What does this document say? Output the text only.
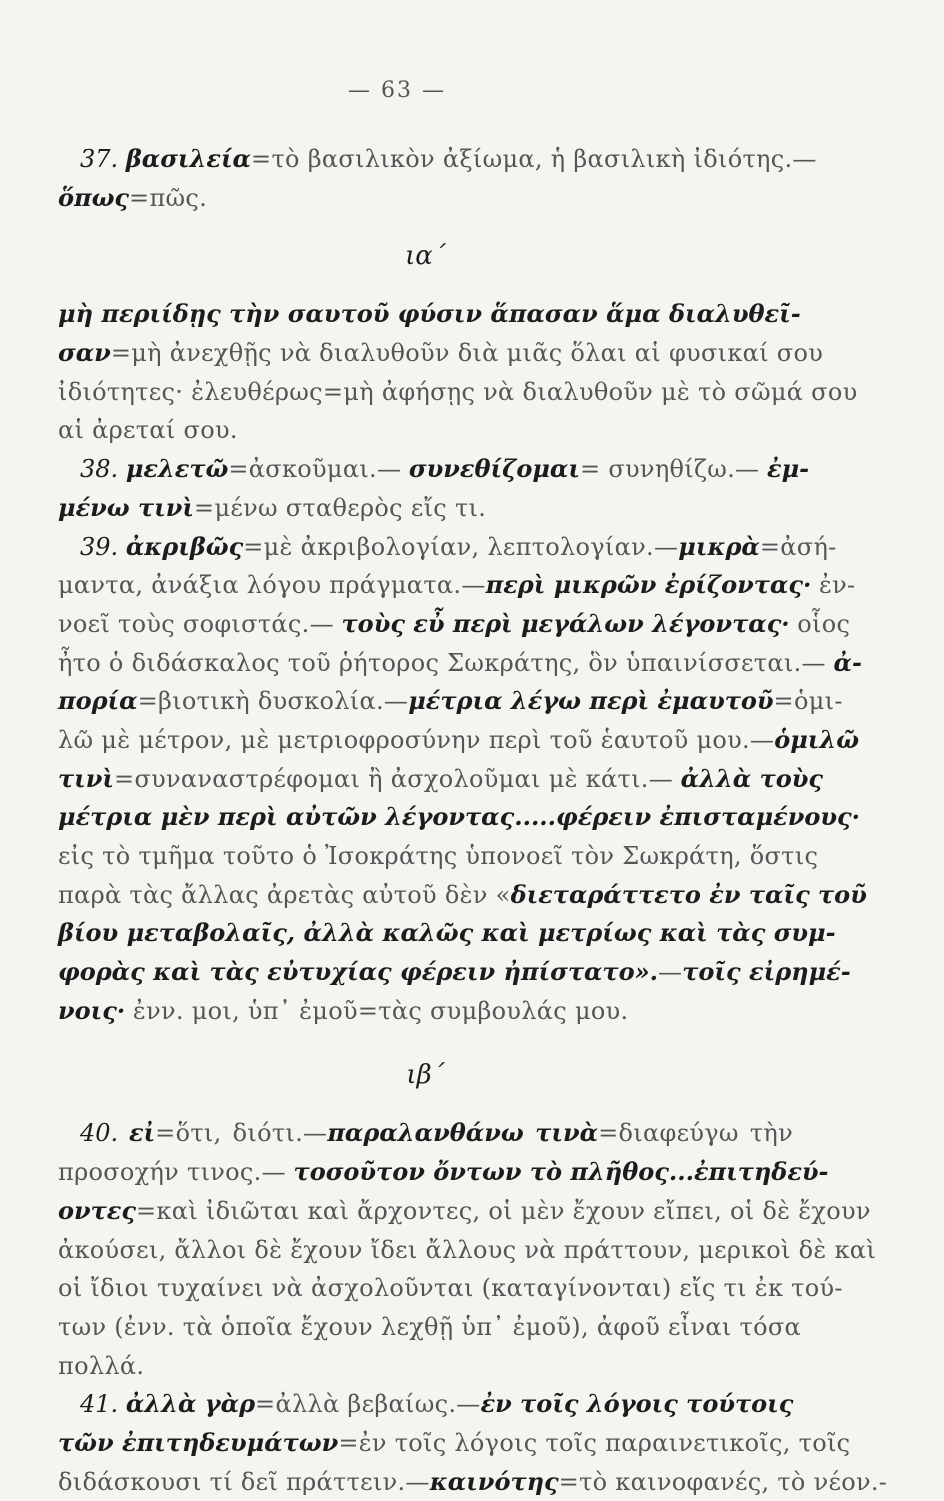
— 63 —
37. βασιλεία=τὸ βασιλικὸν ἀξίωμα, ἡ βασιλικὴ ἰδιότης.—
ὅπως=πῶς.
ια΄
μὴ περιίδῃς τὴν σαυτοῦ φύσιν ἅπασαν ἅμα διαλυθεῖ-
σαν=μὴ ἀνεχθῇς νὰ διαλυθοῦν διὰ μιᾶς ὅλαι αἱ φυσικαί σου
ἰδιότητες· ἐλευθέρως=μὴ ἀφήσῃς νὰ διαλυθοῦν μὲ τὸ σῶμά σου
αἱ ἀρεταί σου.
38. μελετῶ=ἀσκοῦμαι.— συνεθίζομαι= συνηθίζω.— ἐμ-
μένω τινὶ=μένω σταθερὸς εἴς τι.
39. ἀκριβῶς=μὲ ἀκριβολογίαν, λεπτολογίαν.—μικρὰ=ἀσή-
μαντα, ἀνάξια λόγου πράγματα.—περὶ μικρῶν ἐρίζοντας· ἐν-
νοεῖ τοὺς σοφιστάς.— τοὺς εὖ περὶ μεγάλων λέγοντας· οἷος
ἦτο ὁ διδάσκαλος τοῦ ῥήτορος Σωκράτης, ὃν ὑπαινίσσεται.— ἀ-
πορία=βιοτικὴ δυσκολία.—μέτρια λέγω περὶ ἐμαυτοῦ=ὁμι-
λῶ μὲ μέτρον, μὲ μετριοφροσύνην περὶ τοῦ ἑαυτοῦ μου.—ὁμιλῶ
τινὶ=συναναστρέφομαι ἢ ἀσχολοῦμαι μὲ κάτι.— ἀλλὰ τοὺς
μέτρια μὲν περὶ αὐτῶν λέγοντας.....φέρειν ἐπισταμένους·
εἰς τὸ τμῆμα τοῦτο ὁ Ἰσοκράτης ὑπονοεῖ τὸν Σωκράτη, ὅστις
παρὰ τὰς ἄλλας ἀρετὰς αὐτοῦ δὲν «διεταράττετο ἐν ταῖς τοῦ
βίου μεταβολαῖς, ἀλλὰ καλῶς καὶ μετρίως καὶ τὰς συμ-
φορὰς καὶ τὰς εὐτυχίας φέρειν ἠπίστατο».—τοῖς εἰρημέ-
νοις· ἐνν. μοι, ὑπ᾽ ἐμοῦ=τὰς συμβουλάς μου.
ιβ΄
40. εἰ=ὅτι, διότι.—παραλανθάνω τινὰ=διαφεύγω τὴν
προσοχήν τινος.— τοσοῦτον ὄντων τὸ πλῆθος...ἐπιτηδεύ-
οντες=καὶ ἰδιῶται καὶ ἄρχοντες, οἱ μὲν ἔχουν εἴπει, οἱ δὲ ἔχουν
ἀκούσει, ἄλλοι δὲ ἔχουν ἴδει ἄλλους νὰ πράττουν, μερικοὶ δὲ καὶ
οἱ ἴδιοι τυχαίνει νὰ ἀσχολοῦνται (καταγίνονται) εἴς τι ἐκ τού-
των (ἐνν. τὰ ὁποῖα ἔχουν λεχθῇ ὑπ᾽ ἐμοῦ), ἀφοῦ εἶναι τόσα
πολλά.
41. ἀλλὰ γὰρ=ἀλλὰ βεβαίως.—ἐν τοῖς λόγοις τούτοις
τῶν ἐπιτηδευμάτων=ἐν τοῖς λόγοις τοῖς παραινετικοῖς, τοῖς
διδάσκουσι τί δεῖ πράττειν.—καινότης=τὸ καινοφανές, τὸ νέον.-
